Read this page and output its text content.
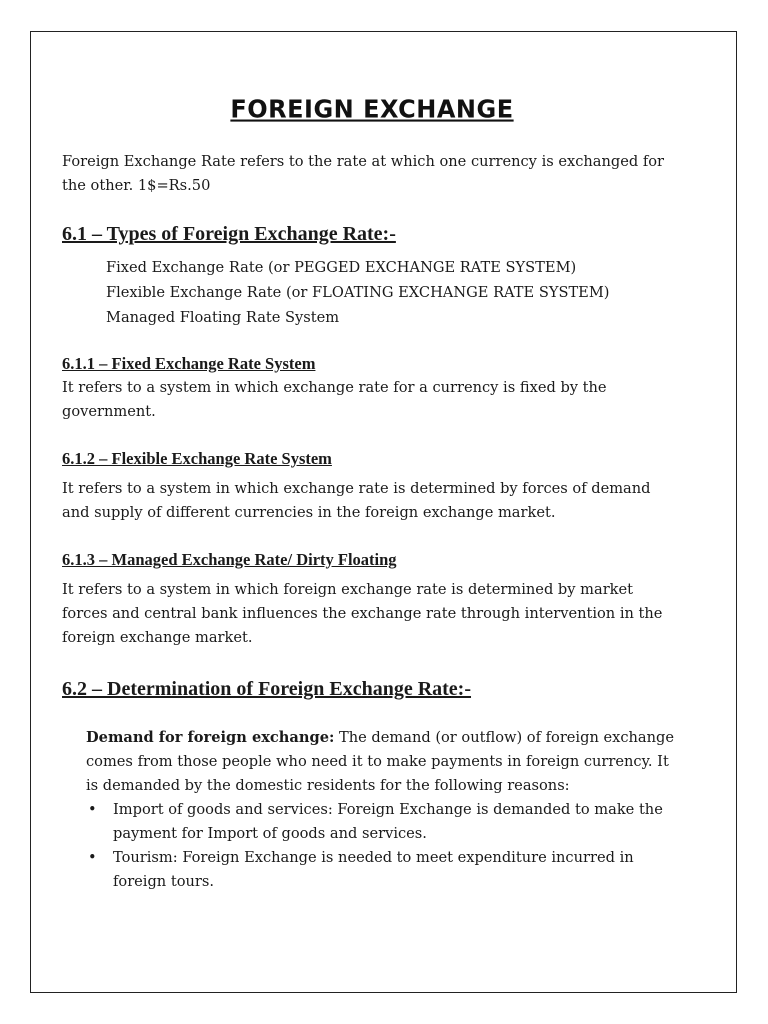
FOREIGN EXCHANGE

Foreign Exchange Rate refers to the rate at which one currency is exchanged for the other. 1$=Rs.50

6.1 – Types of Foreign Exchange Rate:-
Fixed Exchange Rate (or PEGGED EXCHANGE RATE SYSTEM)
Flexible Exchange Rate (or FLOATING EXCHANGE RATE SYSTEM)
Managed Floating Rate System
6.1.1 – Fixed Exchange Rate System

It refers to a system in which exchange rate for a currency is fixed by the government.

6.1.2 – Flexible Exchange Rate System

It refers to a system in which exchange rate is determined by forces of demand and supply of different currencies in the foreign exchange market.

6.1.3 – Managed Exchange Rate/ Dirty Floating

It refers to a system in which foreign exchange rate is determined by market forces and central bank influences the exchange rate through intervention in the foreign exchange market.

6.2 – Determination of Foreign Exchange Rate:-

Demand for foreign exchange: The demand (or outflow) of foreign exchange comes from those people who need it to make payments in foreign currency. It is demanded by the domestic residents for the following reasons:

• Import of goods and services: Foreign Exchange is demanded to make the payment for Import of goods and services.
• Tourism: Foreign Exchange is needed to meet expenditure incurred in foreign tours.
